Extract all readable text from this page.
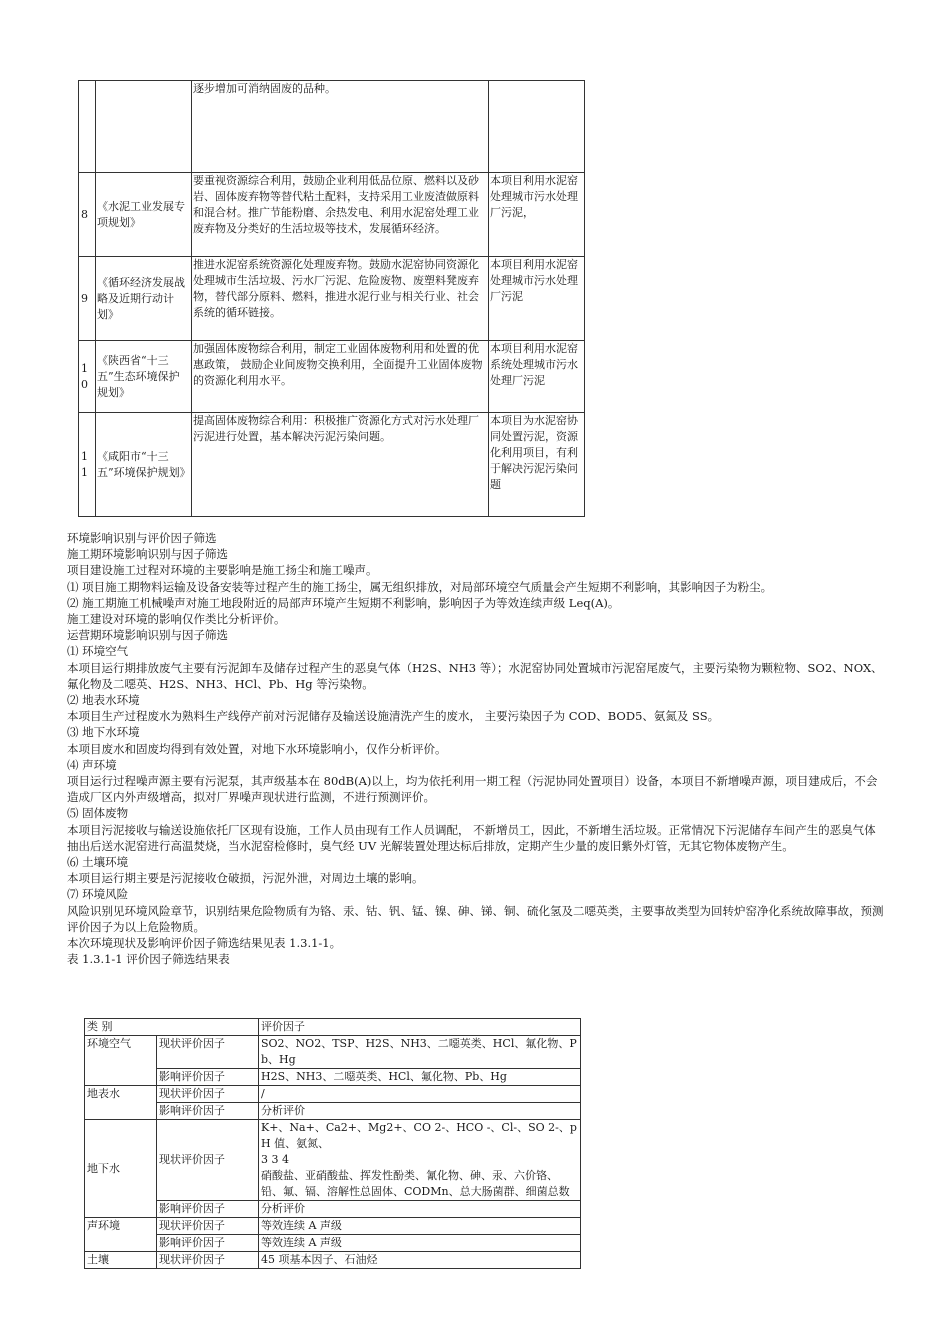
		逐步增加可消纳固废的品种。	
8	《水泥工业发展专项规划》	要重视资源综合利用，鼓励企业利用低品位原、燃料以及砂岩、固体废弃物等替代粘土配料，支持采用工业废渣做原料和混合材。推广节能粉磨、余热发电、利用水泥窑处理工业废弃物及分类好的生活垃圾等技术，发展循环经济。	本项目利用水泥窑处理城市污水处理厂污泥，
9	《循环经济发展战 略及近期行动计划》	推进水泥窑系统资源化处理废弃物。鼓励水泥窑协同资源化处理城市生活垃圾、污水厂污泥、危险废物、废塑料凳废弃物，替代部分原料、燃料，推进水泥行业与相关行业、社会系统的循环链接。	本项目利用水泥窑处理城市污水处理厂污泥
10	《陕西省“十三五”生态环境保护规划》	加强固体废物综合利用，制定工业固体废物利用和处置的优惠政策， 鼓励企业间废物交换利用，全面提升工业固体废物的资源化利用水平。	本项目利用水泥窑系统处理城市污水处理厂污泥
11	《咸阳市“十三五”环境保护规划》	提高固体废物综合利用：积极推广资源化方式对污水处理厂污泥进行处置，基本解决污泥污染问题。	本项目为水泥窑协同处置污泥，资源化利用项目，有利于解决污泥污染问题

环境影响识别与评价因子筛选

施工期环境影响识别与因子筛选

项目建设施工过程对环境的主要影响是施工扬尘和施工噪声。

⑴ 项目施工期物料运输及设备安装等过程产生的施工扬尘，属无组织排放，对局部环境空气质量会产生短期不利影响，其影响因子为粉尘。

⑵ 施工期施工机械噪声对施工地段附近的局部声环境产生短期不利影响，影响因子为等效连续声级 Leq(A)。

施工建设对环境的影响仅作类比分析评价。

运营期环境影响识别与因子筛选

⑴ 环境空气

本项目运行期排放废气主要有污泥卸车及储存过程产生的恶臭气体（H2S、NH3 等）；水泥窑协同处置城市污泥窑尾废气，主要污染物为颗粒物、SO2、NOX、氟化物及二噁英、H2S、NH3、HCl、Pb、Hg 等污染物。

⑵ 地表水环境

本项目生产过程废水为熟料生产线停产前对污泥储存及输送设施清洗产生的废水， 主要污染因子为 COD、BOD5、氨氮及 SS。

⑶ 地下水环境

本项目废水和固废均得到有效处置，对地下水环境影响小，仅作分析评价。

⑷ 声环境

项目运行过程噪声源主要有污泥泵，其声级基本在 80dB(A)以上，均为依托利用一期工程（污泥协同处置项目）设备，本项目不新增噪声源，项目建成后，不会造成厂区内外声级增高，拟对厂界噪声现状进行监测，不进行预测评价。

⑸ 固体废物

本项目污泥接收与输送设施依托厂区现有设施，工作人员由现有工作人员调配， 不新增员工，因此，不新增生活垃圾。正常情况下污泥储存车间产生的恶臭气体抽出后送水泥窑进行高温焚烧，当水泥窑检修时，臭气经 UV 光解装置处理达标后排放，定期产生少量的废旧紫外灯管，无其它物体废物产生。

⑹ 土壤环境

本项目运行期主要是污泥接收仓破损，污泥外泄，对周边土壤的影响。

⑺ 环境风险

风险识别见环境风险章节，识别结果危险物质有为铬、汞、钴、钒、锰、镍、砷、锑、铜、硫化氢及二噁英类，主要事故类型为回转炉窑净化系统故障事故，预测评价因子为以上危险物质。

本次环境现状及影响评价因子筛选结果见表 1.3.1-1。

表 1.3.1-1 评价因子筛选结果表

类 别		评价因子
环境空气	现状评价因子	SO2、NO2、TSP、H2S、NH3、二噁英类、HCl、氟化物、Pb、Hg
	影响评价因子	H2S、NH3、二噁英类、HCl、氟化物、Pb、Hg
地表水	现状评价因子	/
	影响评价因子	分析评价
地下水	现状评价因子	K+、Na+、Ca2+、Mg2+、CO 2-、HCO -、Cl-、SO 2-、pH 值、氨氮、
3 3 4
硝酸盐、亚硝酸盐、挥发性酚类、氰化物、砷、汞、六价铬、铅、氟、镉、溶解性总固体、CODMn、总大肠菌群、细菌总数

	影响评价因子	分析评价
声环境	现状评价因子	等效连续 A 声级
	影响评价因子	等效连续 A 声级
土壤	现状评价因子	45 项基本因子、石油烃
